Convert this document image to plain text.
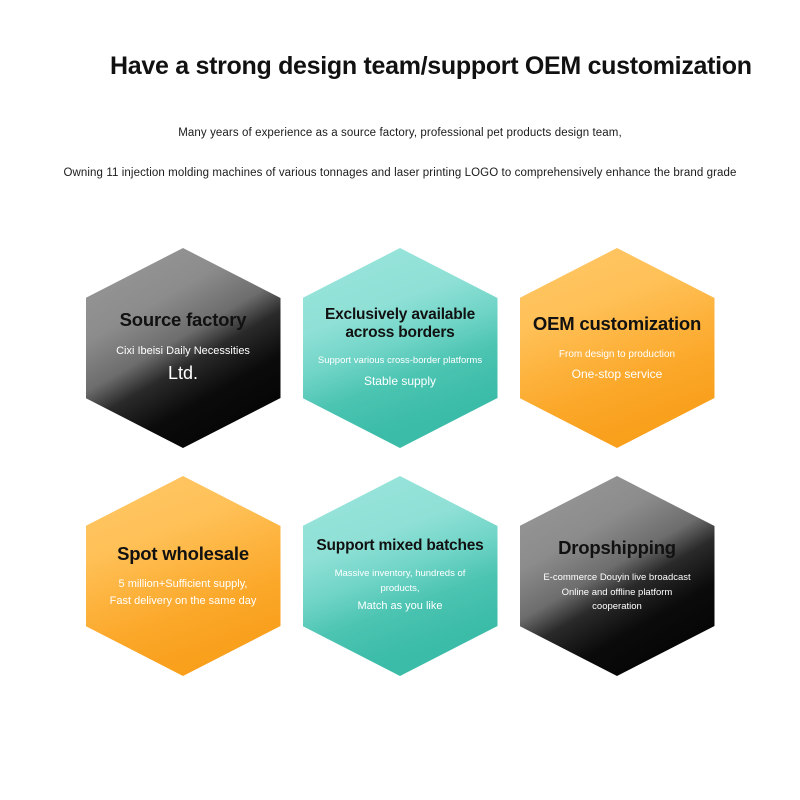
Have a strong design team/support OEM customization
Many years of experience as a source factory, professional pet products design team,
Owning 11 injection molding machines of various tonnages and laser printing LOGO to comprehensively enhance the brand grade
Source factory
Cixi Ibeisi Daily Necessities
Ltd.
Exclusively available across borders
Support various cross-border platforms
Stable supply
OEM customization
From design to production
One-stop service
Spot wholesale
5 million+Sufficient supply,
Fast delivery on the same day
Support mixed batches
Massive inventory, hundreds of products,
Match as you like
Dropshipping
E-commerce Douyin live broadcast
Online and offline platform
cooperation
